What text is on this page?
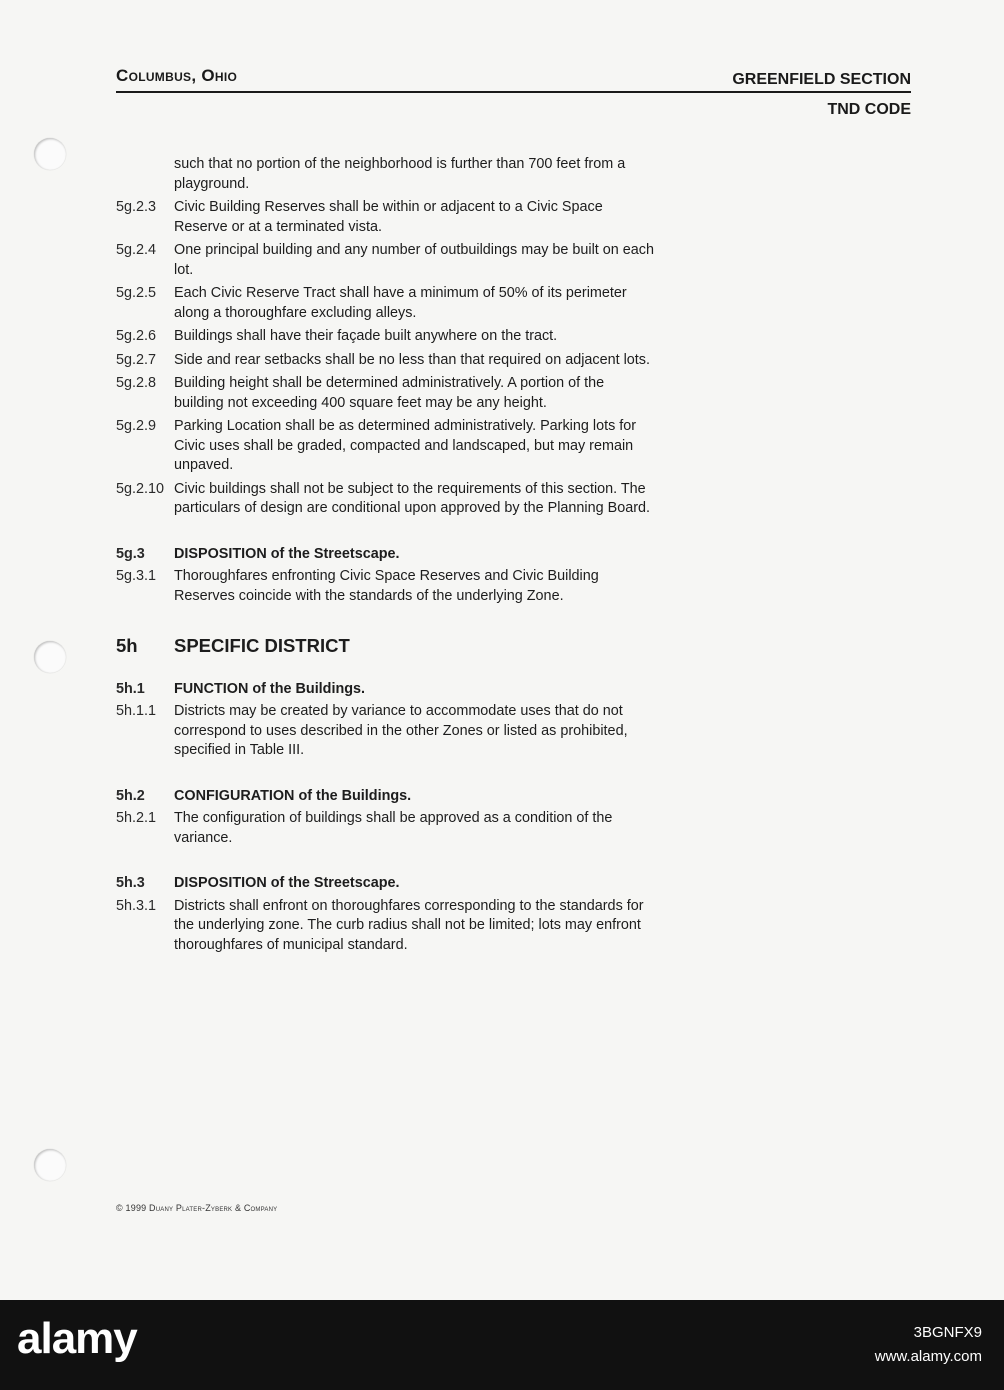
Columbus, Ohio	GREENFIELD SECTION
TND CODE
such that no portion of the neighborhood is further than 700 feet from a playground.
5g.2.3	Civic Building Reserves shall be within or adjacent to a Civic Space Reserve or at a terminated vista.
5g.2.4	One principal building and any number of outbuildings may be built on each lot.
5g.2.5	Each Civic Reserve Tract shall have a minimum of 50% of its perimeter along a thoroughfare excluding alleys.
5g.2.6	Buildings shall have their façade built anywhere on the tract.
5g.2.7	Side and rear setbacks shall be no less than that required on adjacent lots.
5g.2.8	Building height shall be determined administratively. A portion of the building not exceeding 400 square feet may be any height.
5g.2.9	Parking Location shall be as determined administratively. Parking lots for Civic uses shall be graded, compacted and landscaped, but may remain unpaved.
5g.2.10 Civic buildings shall not be subject to the requirements of this section. The particulars of design are conditional upon approved by the Planning Board.
5g.3	DISPOSITION of the Streetscape.
5g.3.1	Thoroughfares enfronting Civic Space Reserves and Civic Building Reserves coincide with the standards of the underlying Zone.
5h	SPECIFIC DISTRICT
5h.1	FUNCTION of the Buildings.
5h.1.1	Districts may be created by variance to accommodate uses that do not correspond to uses described in the other Zones or listed as prohibited, specified in Table III.
5h.2	CONFIGURATION of the Buildings.
5h.2.1	The configuration of buildings shall be approved as a condition of the variance.
5h.3	DISPOSITION of the Streetscape.
5h.3.1	Districts shall enfront on thoroughfares corresponding to the standards for the underlying zone. The curb radius shall not be limited; lots may enfront thoroughfares of municipal standard.
© 1999 Duany Plater-Zyberk & Company
alamy	3BGNFX9
www.alamy.com
